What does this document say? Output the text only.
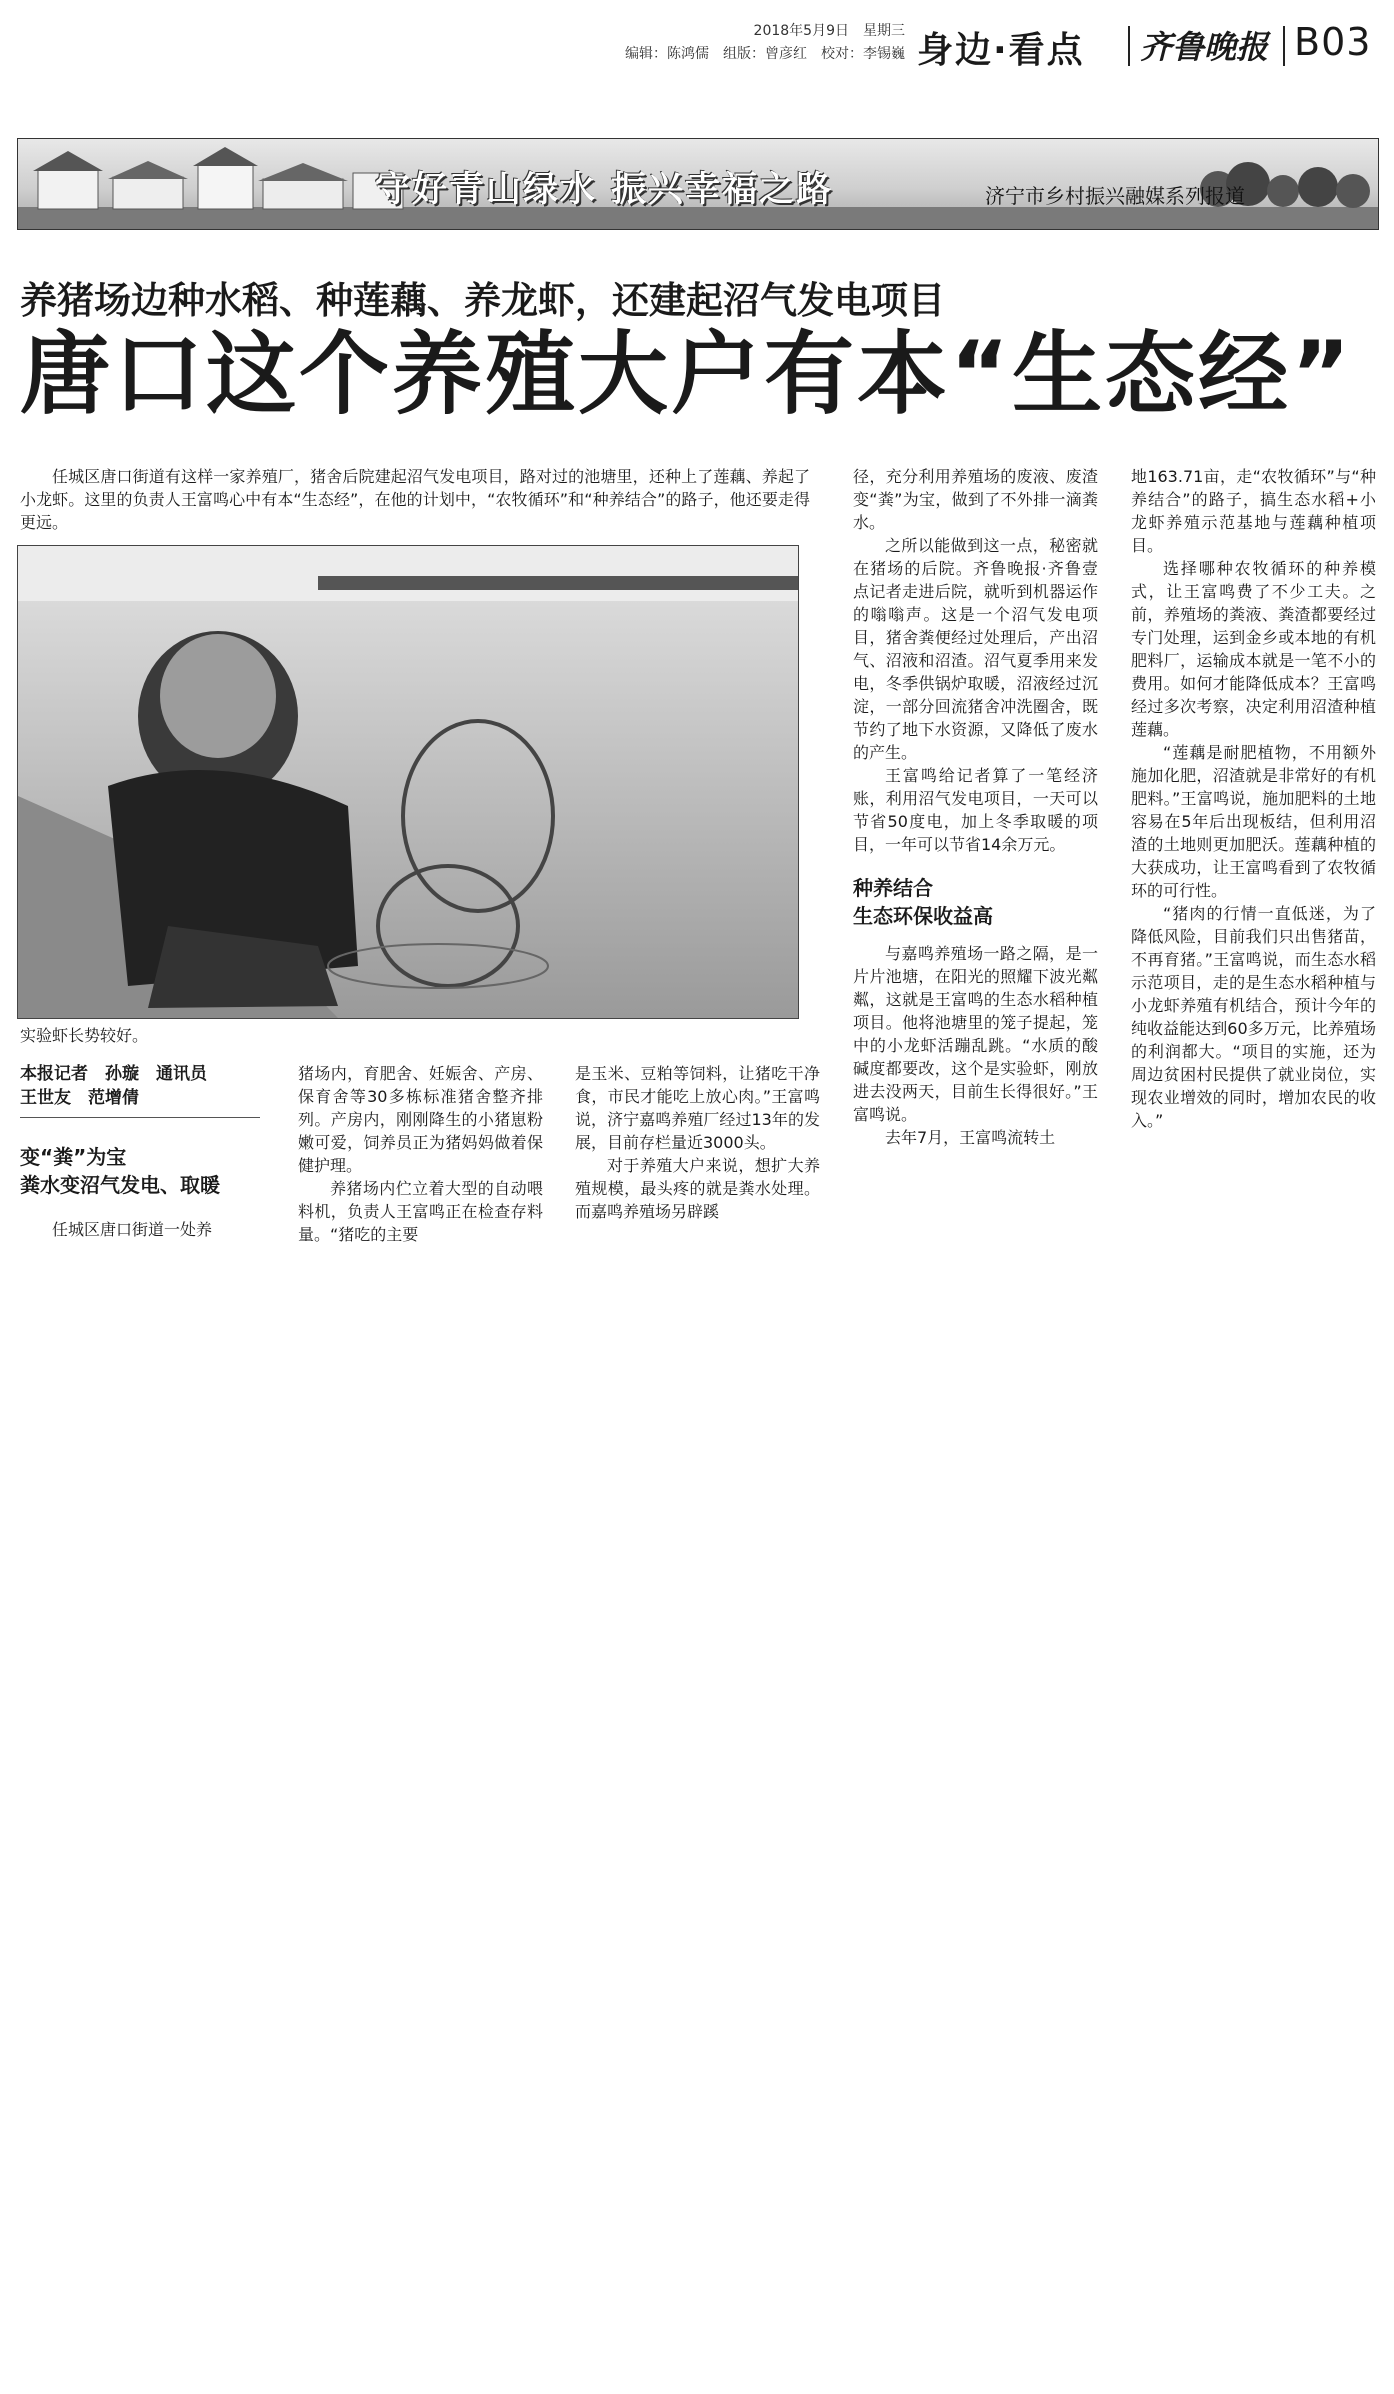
2018年5月9日　星期三
编辑：陈鸿儒　组版：曾彦红　校对：李锡巍 身边·看点 齐鲁晚报 B03
守好青山绿水 振兴幸福之路	济宁市乡村振兴融媒系列报道
养猪场边种水稻、种莲藕、养龙虾，还建起沼气发电项目
唐口这个养殖大户有本“生态经”

任城区唐口街道有这样一家养殖厂，猪舍后院建起沼气发电项目，路对过的池塘里，还种上了莲藕、养起了小龙虾。这里的负责人王富鸣心中有本“生态经”，在他的计划中，“农牧循环”和“种养结合”的路子，他还要走得更远。

实验虾长势较好。
本报记者　孙璇　通讯员
王世友　范增倩
变“粪”为宝
粪水变沼气发电、取暖

任城区唐口街道一处养

猪场内，育肥舍、妊娠舍、产房、保育舍等30多栋标准猪舍整齐排列。产房内，刚刚降生的小猪崽粉嫩可爱，饲养员正为猪妈妈做着保健护理。

养猪场内伫立着大型的自动喂料机，负责人王富鸣正在检查存料量。“猪吃的主要

是玉米、豆粕等饲料，让猪吃干净食，市民才能吃上放心肉。”王富鸣说，济宁嘉鸣养殖厂经过13年的发展，目前存栏量近3000头。

对于养殖大户来说，想扩大养殖规模，最头疼的就是粪水处理。而嘉鸣养殖场另辟蹊

径，充分利用养殖场的废液、废渣变“粪”为宝，做到了不外排一滴粪水。

之所以能做到这一点，秘密就在猪场的后院。齐鲁晚报·齐鲁壹点记者走进后院，就听到机器运作的嗡嗡声。这是一个沼气发电项目，猪舍粪便经过处理后，产出沼气、沼液和沼渣。沼气夏季用来发电，冬季供锅炉取暖，沼液经过沉淀，一部分回流猪舍冲洗圈舍，既节约了地下水资源，又降低了废水的产生。

王富鸣给记者算了一笔经济账，利用沼气发电项目，一天可以节省50度电，加上冬季取暖的项目，一年可以节省14余万元。

种养结合
生态环保收益高

与嘉鸣养殖场一路之隔，是一片片池塘，在阳光的照耀下波光粼粼，这就是王富鸣的生态水稻种植项目。他将池塘里的笼子提起，笼中的小龙虾活蹦乱跳。“水质的酸碱度都要改，这个是实验虾，刚放进去没两天，目前生长得很好。”王富鸣说。

去年7月，王富鸣流转土

地163.71亩，走“农牧循环”与“种养结合”的路子，搞生态水稻+小龙虾养殖示范基地与莲藕种植项目。

选择哪种农牧循环的种养模式，让王富鸣费了不少工夫。之前，养殖场的粪液、粪渣都要经过专门处理，运到金乡或本地的有机肥料厂，运输成本就是一笔不小的费用。如何才能降低成本？王富鸣经过多次考察，决定利用沼渣种植莲藕。

“莲藕是耐肥植物，不用额外施加化肥，沼渣就是非常好的有机肥料。”王富鸣说，施加肥料的土地容易在5年后出现板结，但利用沼渣的土地则更加肥沃。莲藕种植的大获成功，让王富鸣看到了农牧循环的可行性。

“猪肉的行情一直低迷，为了降低风险，目前我们只出售猪苗，不再育猪。”王富鸣说，而生态水稻示范项目，走的是生态水稻种植与小龙虾养殖有机结合，预计今年的纯收益能达到60多万元，比养殖场的利润都大。“项目的实施，还为周边贫困村民提供了就业岗位，实现农业增效的同时，增加农民的收入。”
